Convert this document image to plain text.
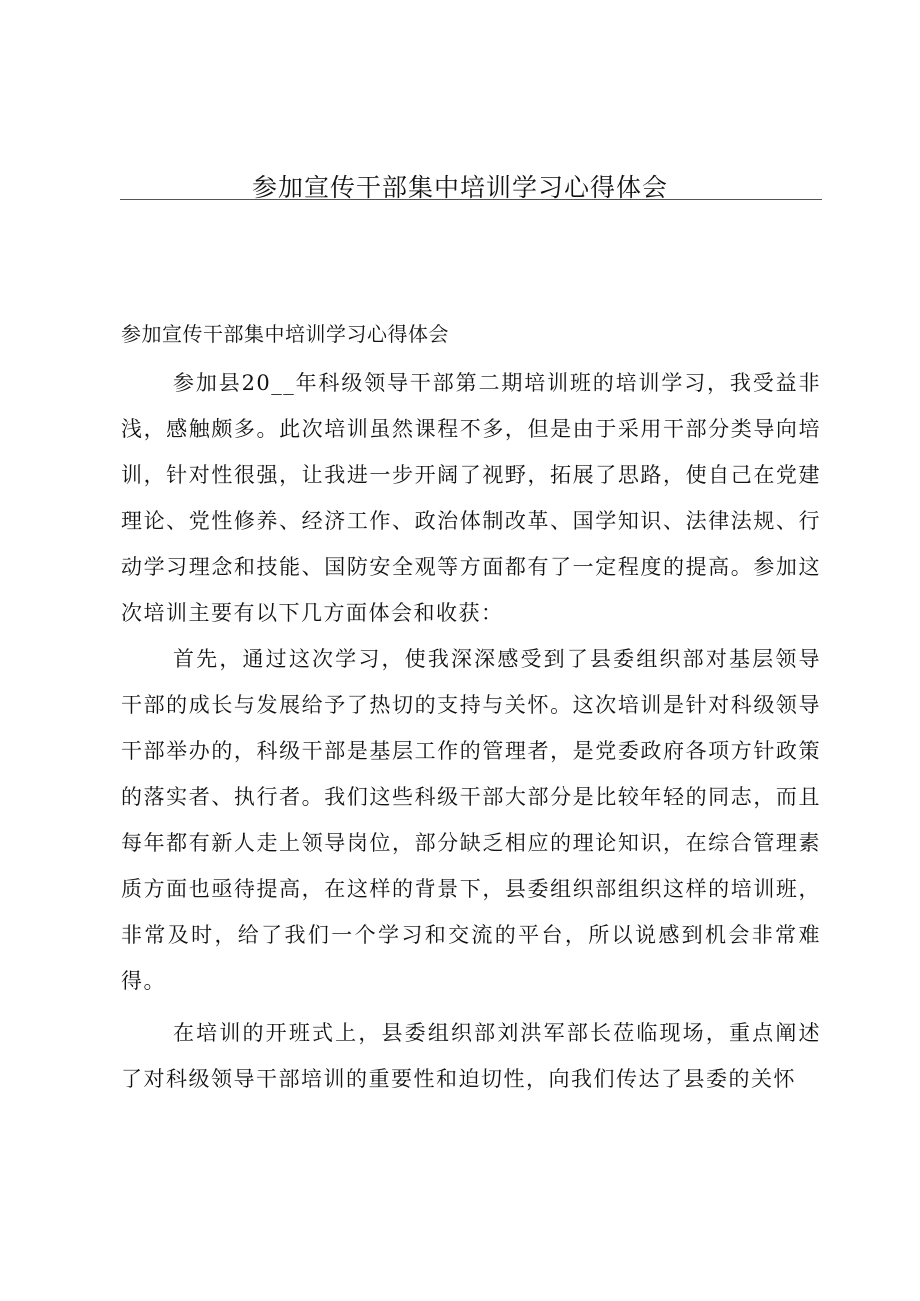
参加宣传干部集中培训学习心得体会

参加宣传干部集中培训学习心得体会

参加县20__年科级领导干部第二期培训班的培训学习，我受益非浅，感触颇多。此次培训虽然课程不多，但是由于采用干部分类导向培训，针对性很强，让我进一步开阔了视野，拓展了思路，使自己在党建理论、党性修养、经济工作、政治体制改革、国学知识、法律法规、行动学习理念和技能、国防安全观等方面都有了一定程度的提高。参加这次培训主要有以下几方面体会和收获：

首先，通过这次学习，使我深深感受到了县委组织部对基层领导干部的成长与发展给予了热切的支持与关怀。这次培训是针对科级领导干部举办的，科级干部是基层工作的管理者，是党委政府各项方针政策的落实者、执行者。我们这些科级干部大部分是比较年轻的同志，而且每年都有新人走上领导岗位，部分缺乏相应的理论知识，在综合管理素质方面也亟待提高，在这样的背景下，县委组织部组织这样的培训班，非常及时，给了我们一个学习和交流的平台，所以说感到机会非常难得。

在培训的开班式上，县委组织部刘洪军部长莅临现场，重点阐述了对科级领导干部培训的重要性和迫切性，向我们传达了县委的关怀
